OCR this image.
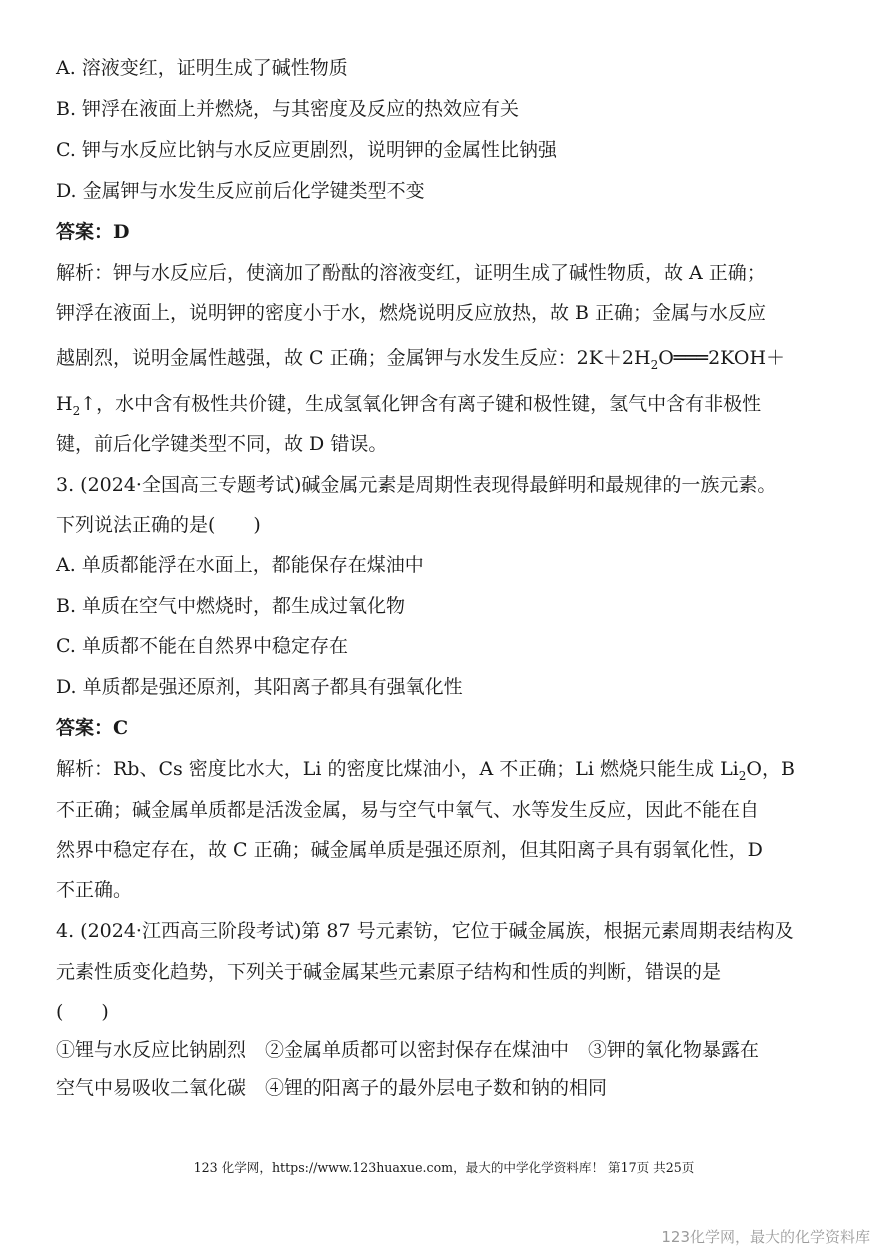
A. 溶液变红，证明生成了碱性物质
B. 钾浮在液面上并燃烧，与其密度及反应的热效应有关
C. 钾与水反应比钠与水反应更剧烈，说明钾的金属性比钠强
D. 金属钾与水发生反应前后化学键类型不变
答案：D
解析：钾与水反应后，使滴加了酚酞的溶液变红，证明生成了碱性物质，故 A 正确；
钾浮在液面上，说明钾的密度小于水，燃烧说明反应放热，故 B 正确；金属与水反应
越剧烈，说明金属性越强，故 C 正确；金属钾与水发生反应：$2K+2H_2O═══2KOH+$
$H_2↑$，水中含有极性共价键，生成氢氧化钾含有离子键和极性键，氢气中含有非极性
键，前后化学键类型不同，故 D 错误。
3. (2024·全国高三专题考试)碱金属元素是周期性表现得最鲜明和最规律的一族元素。
下列说法正确的是(　　)
A. 单质都能浮在水面上，都能保存在煤油中
B. 单质在空气中燃烧时，都生成过氧化物
C. 单质都不能在自然界中稳定存在
D. 单质都是强还原剂，其阳离子都具有强氧化性
答案：C
解析：Rb、Cs 密度比水大，Li 的密度比煤油小，A 不正确；Li 燃烧只能生成 $Li_2O$，B
不正确；碱金属单质都是活泼金属，易与空气中氧气、水等发生反应，因此不能在自
然界中稳定存在，故 C 正确；碱金属单质是强还原剂，但其阳离子具有弱氧化性，D
不正确。
4. (2024·江西高三阶段考试)第 87 号元素钫，它位于碱金属族，根据元素周期表结构及
元素性质变化趋势，下列关于碱金属某些元素原子结构和性质的判断，错误的是
(　　)
①锂与水反应比钠剧烈　②金属单质都可以密封保存在煤油中　③钾的氧化物暴露在
空气中易吸收二氧化碳　④锂的阳离子的最外层电子数和钠的相同
123 化学网，https://www.123huaxue.com，最大的中学化学资料库！ 第17页 共25页
123化学网，最大的化学资料库
